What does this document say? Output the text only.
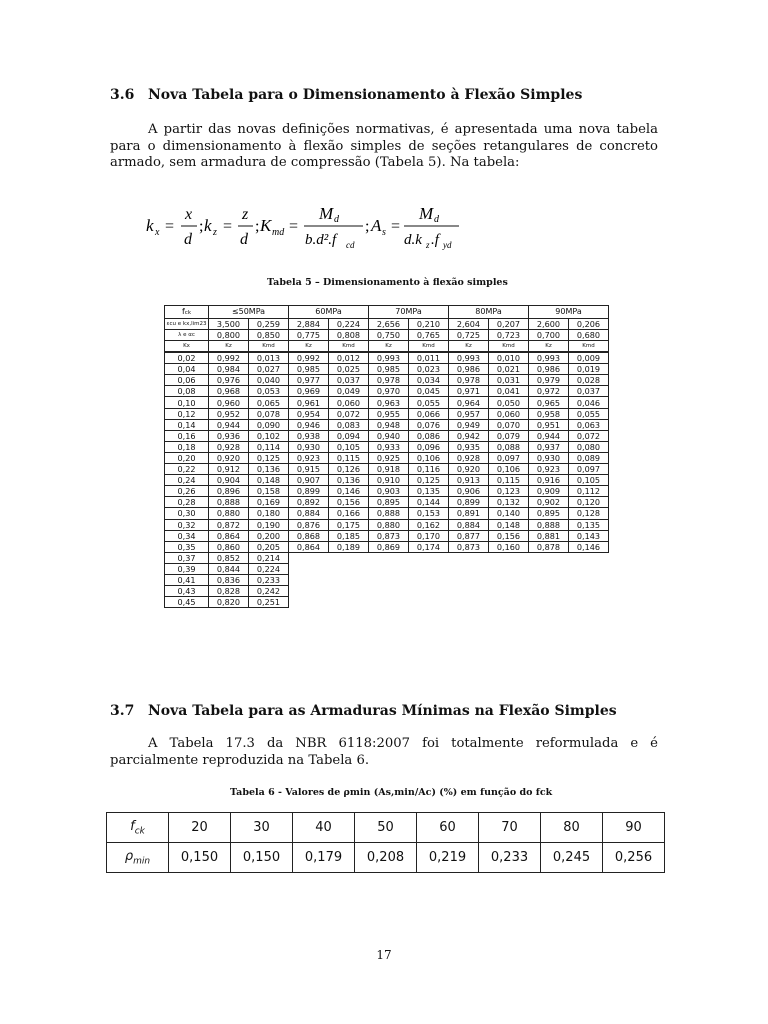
3.6 Nova Tabela para o Dimensionamento à Flexão Simples
A partir das novas definições normativas, é apresentada uma nova tabela para o dimensionamento à flexão simples de seções retangulares de concreto armado, sem armadura de compressão (Tabela 5). Na tabela:
k x =
x
d
; k z =
z
d
; K md =
M d
b.d².f cd
; A s =
M d
d.k z .f yd
Tabela 5 – Dimensionamento à flexão simples
fck	≤50MPa		60MPa		70MPa		80MPa		90MPa	
εcu e kx,lim23	3,500	0,259	2,884	0,224	2,656	0,210	2,604	0,207	2,600	0,206
λ e αc	0,800	0,850	0,775	0,808	0,750	0,765	0,725	0,723	0,700	0,680
Kx	Kz	Kmd	Kz	Kmd	Kz	Kmd	Kz	Kmd	Kz	Kmd
0,02	0,992	0,013	0,992	0,012	0,993	0,011	0,993	0,010	0,993	0,009
0,04	0,984	0,027	0,985	0,025	0,985	0,023	0,986	0,021	0,986	0,019
0,06	0,976	0,040	0,977	0,037	0,978	0,034	0,978	0,031	0,979	0,028
0,08	0,968	0,053	0,969	0,049	0,970	0,045	0,971	0,041	0,972	0,037
0,10	0,960	0,065	0,961	0,060	0,963	0,055	0,964	0,050	0,965	0,046
0,12	0,952	0,078	0,954	0,072	0,955	0,066	0,957	0,060	0,958	0,055
0,14	0,944	0,090	0,946	0,083	0,948	0,076	0,949	0,070	0,951	0,063
0,16	0,936	0,102	0,938	0,094	0,940	0,086	0,942	0,079	0,944	0,072
0,18	0,928	0,114	0,930	0,105	0,933	0,096	0,935	0,088	0,937	0,080
0,20	0,920	0,125	0,923	0,115	0,925	0,106	0,928	0,097	0,930	0,089
0,22	0,912	0,136	0,915	0,126	0,918	0,116	0,920	0,106	0,923	0,097
0,24	0,904	0,148	0,907	0,136	0,910	0,125	0,913	0,115	0,916	0,105
0,26	0,896	0,158	0,899	0,146	0,903	0,135	0,906	0,123	0,909	0,112
0,28	0,888	0,169	0,892	0,156	0,895	0,144	0,899	0,132	0,902	0,120
0,30	0,880	0,180	0,884	0,166	0,888	0,153	0,891	0,140	0,895	0,128
0,32	0,872	0,190	0,876	0,175	0,880	0,162	0,884	0,148	0,888	0,135
0,34	0,864	0,200	0,868	0,185	0,873	0,170	0,877	0,156	0,881	0,143
0,35	0,860	0,205	0,864	0,189	0,869	0,174	0,873	0,160	0,878	0,146
0,37	0,852	0,214								
0,39	0,844	0,224								
0,41	0,836	0,233								
0,43	0,828	0,242								
0,45	0,820	0,251								
3.7 Nova Tabela para as Armaduras Mínimas na Flexão Simples
A Tabela 17.3 da NBR 6118:2007 foi totalmente reformulada e é parcialmente reproduzida na Tabela 6.
Tabela 6 - Valores de ρmin (As,min/Ac) (%) em função do fck
$f_{ck}$	20	30	40	50	60	70	80	90
$\rho_{min}$	0,150	0,150	0,179	0,208	0,219	0,233	0,245	0,256
17
